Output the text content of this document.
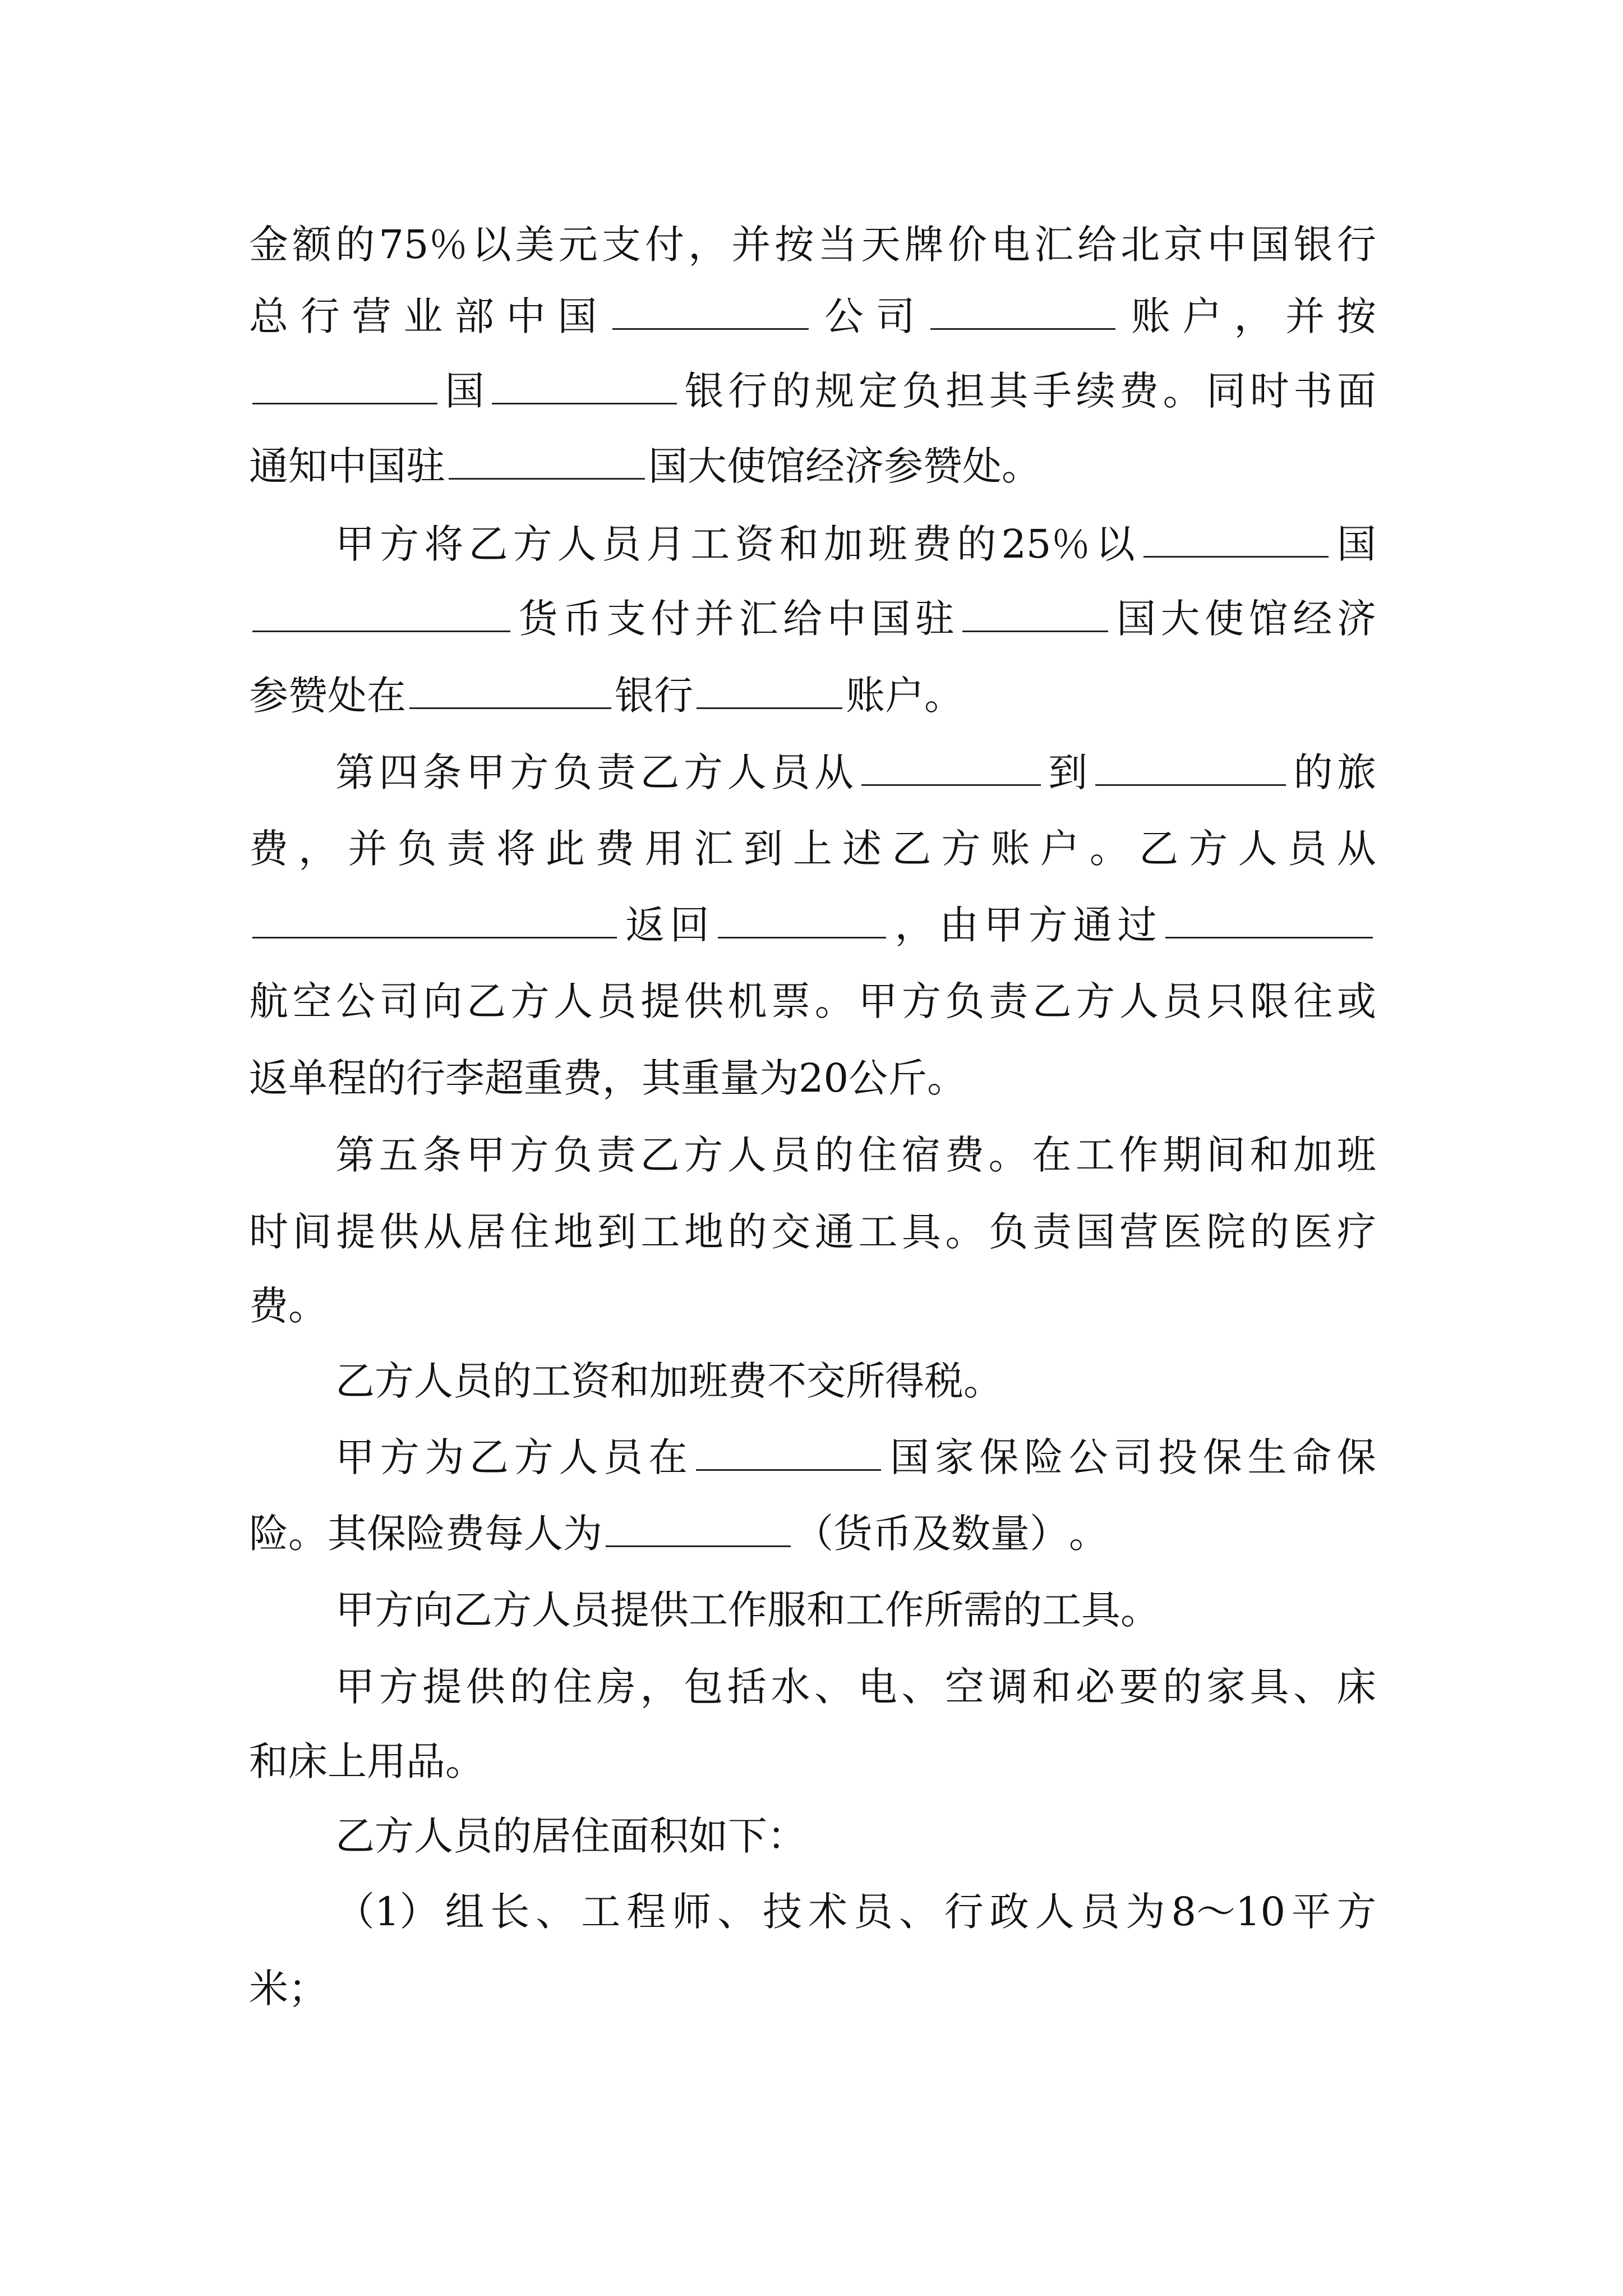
金 额 的 75％ 以 美 元 支 付 ， 并 按 当 天 牌 价 电 汇 给 北 京 中 国 银 行
总 行 营 业 部 中 国	公 司	账 户 ， 并 按
国	银 行 的 规 定 负 担 其 手 续 费 。 同 时 书 面
通 知 中 国 驻	国 大 使 馆 经 济 参 赞 处 。
甲 方 将 乙 方 人 员 月 工 资 和 加 班 费 的 25％ 以	国
货 币 支 付 并 汇 给 中 国 驻	国 大 使 馆 经 济
参 赞 处 在	银 行	账 户 。
第 四 条 甲 方 负 责 乙 方 人 员 从	到	的 旅
费 ， 并 负 责 将 此 费 用 汇 到 上 述 乙 方 账 户 。 乙 方 人 员 从
返 回	， 由 甲 方 通 过
航 空 公 司 向 乙 方 人 员 提 供 机 票 。 甲 方 负 责 乙 方 人 员 只 限 往 或
返 单 程 的 行 李 超 重 费 ， 其 重 量 为 20 公 斤 。
第 五 条 甲 方 负 责 乙 方 人 员 的 住 宿 费 。 在 工 作 期 间 和 加 班
时 间 提 供 从 居 住 地 到 工 地 的 交 通 工 具 。 负 责 国 营 医 院 的 医 疗
费 。
乙 方 人 员 的 工 资 和 加 班 费 不 交 所 得 税 。
甲 方 为 乙 方 人 员 在	国 家 保 险 公 司 投 保 生 命 保
险 。 其 保 险 费 每 人 为	（ 货 币 及 数 量 ） 。
甲 方 向 乙 方 人 员 提 供 工 作 服 和 工 作 所 需 的 工 具 。
甲 方 提 供 的 住 房 ， 包 括 水 、 电 、 空 调 和 必 要 的 家 具 、 床
和 床 上 用 品 。
乙 方 人 员 的 居 住 面 积 如 下 ：
（1） 组 长 、 工 程 师 、 技 术 员 、 行 政 人 员 为 8～10 平 方
米 ；
